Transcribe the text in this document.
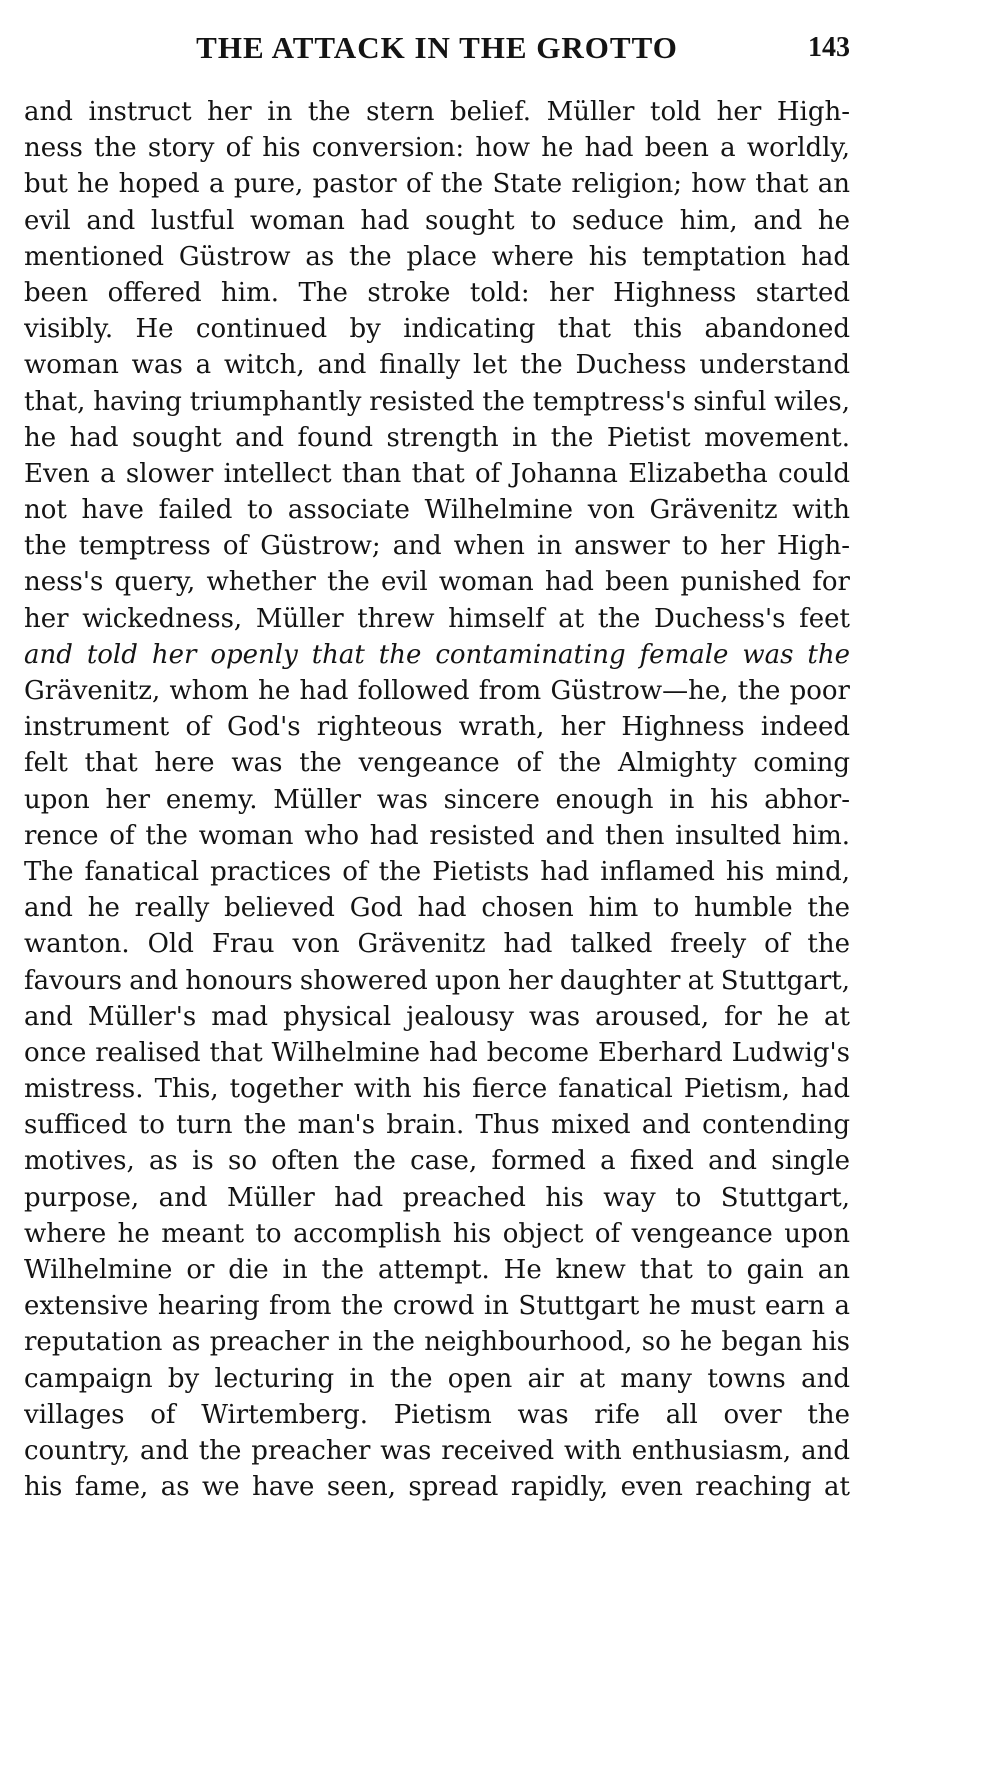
THE ATTACK IN THE GROTTO	143
and instruct her in the stern belief. Müller told her High-
ness the story of his conversion: how he had been a worldly,
but he hoped a pure, pastor of the State religion; how that an
evil and lustful woman had sought to seduce him, and he
mentioned Güstrow as the place where his temptation had
been offered him. The stroke told: her Highness started
visibly. He continued by indicating that this abandoned
woman was a witch, and finally let the Duchess understand
that, having triumphantly resisted the temptress's sinful wiles,
he had sought and found strength in the Pietist movement.
Even a slower intellect than that of Johanna Elizabetha could
not have failed to associate Wilhelmine von Grävenitz with
the temptress of Güstrow; and when in answer to her High-
ness's query, whether the evil woman had been punished for
her wickedness, Müller threw himself at the Duchess's feet
and told her openly that the contaminating female was the
Grävenitz, whom he had followed from Güstrow—he, the poor
instrument of God's righteous wrath, her Highness indeed
felt that here was the vengeance of the Almighty coming
upon her enemy. Müller was sincere enough in his abhor-
rence of the woman who had resisted and then insulted him.
The fanatical practices of the Pietists had inflamed his mind,
and he really believed God had chosen him to humble the
wanton. Old Frau von Grävenitz had talked freely of the
favours and honours showered upon her daughter at Stuttgart,
and Müller's mad physical jealousy was aroused, for he at
once realised that Wilhelmine had become Eberhard Ludwig's
mistress. This, together with his fierce fanatical Pietism, had
sufficed to turn the man's brain. Thus mixed and contending
motives, as is so often the case, formed a fixed and single
purpose, and Müller had preached his way to Stuttgart,
where he meant to accomplish his object of vengeance upon
Wilhelmine or die in the attempt. He knew that to gain an
extensive hearing from the crowd in Stuttgart he must earn a
reputation as preacher in the neighbourhood, so he began his
campaign by lecturing in the open air at many towns and
villages of Wirtemberg. Pietism was rife all over the
country, and the preacher was received with enthusiasm, and
his fame, as we have seen, spread rapidly, even reaching at
